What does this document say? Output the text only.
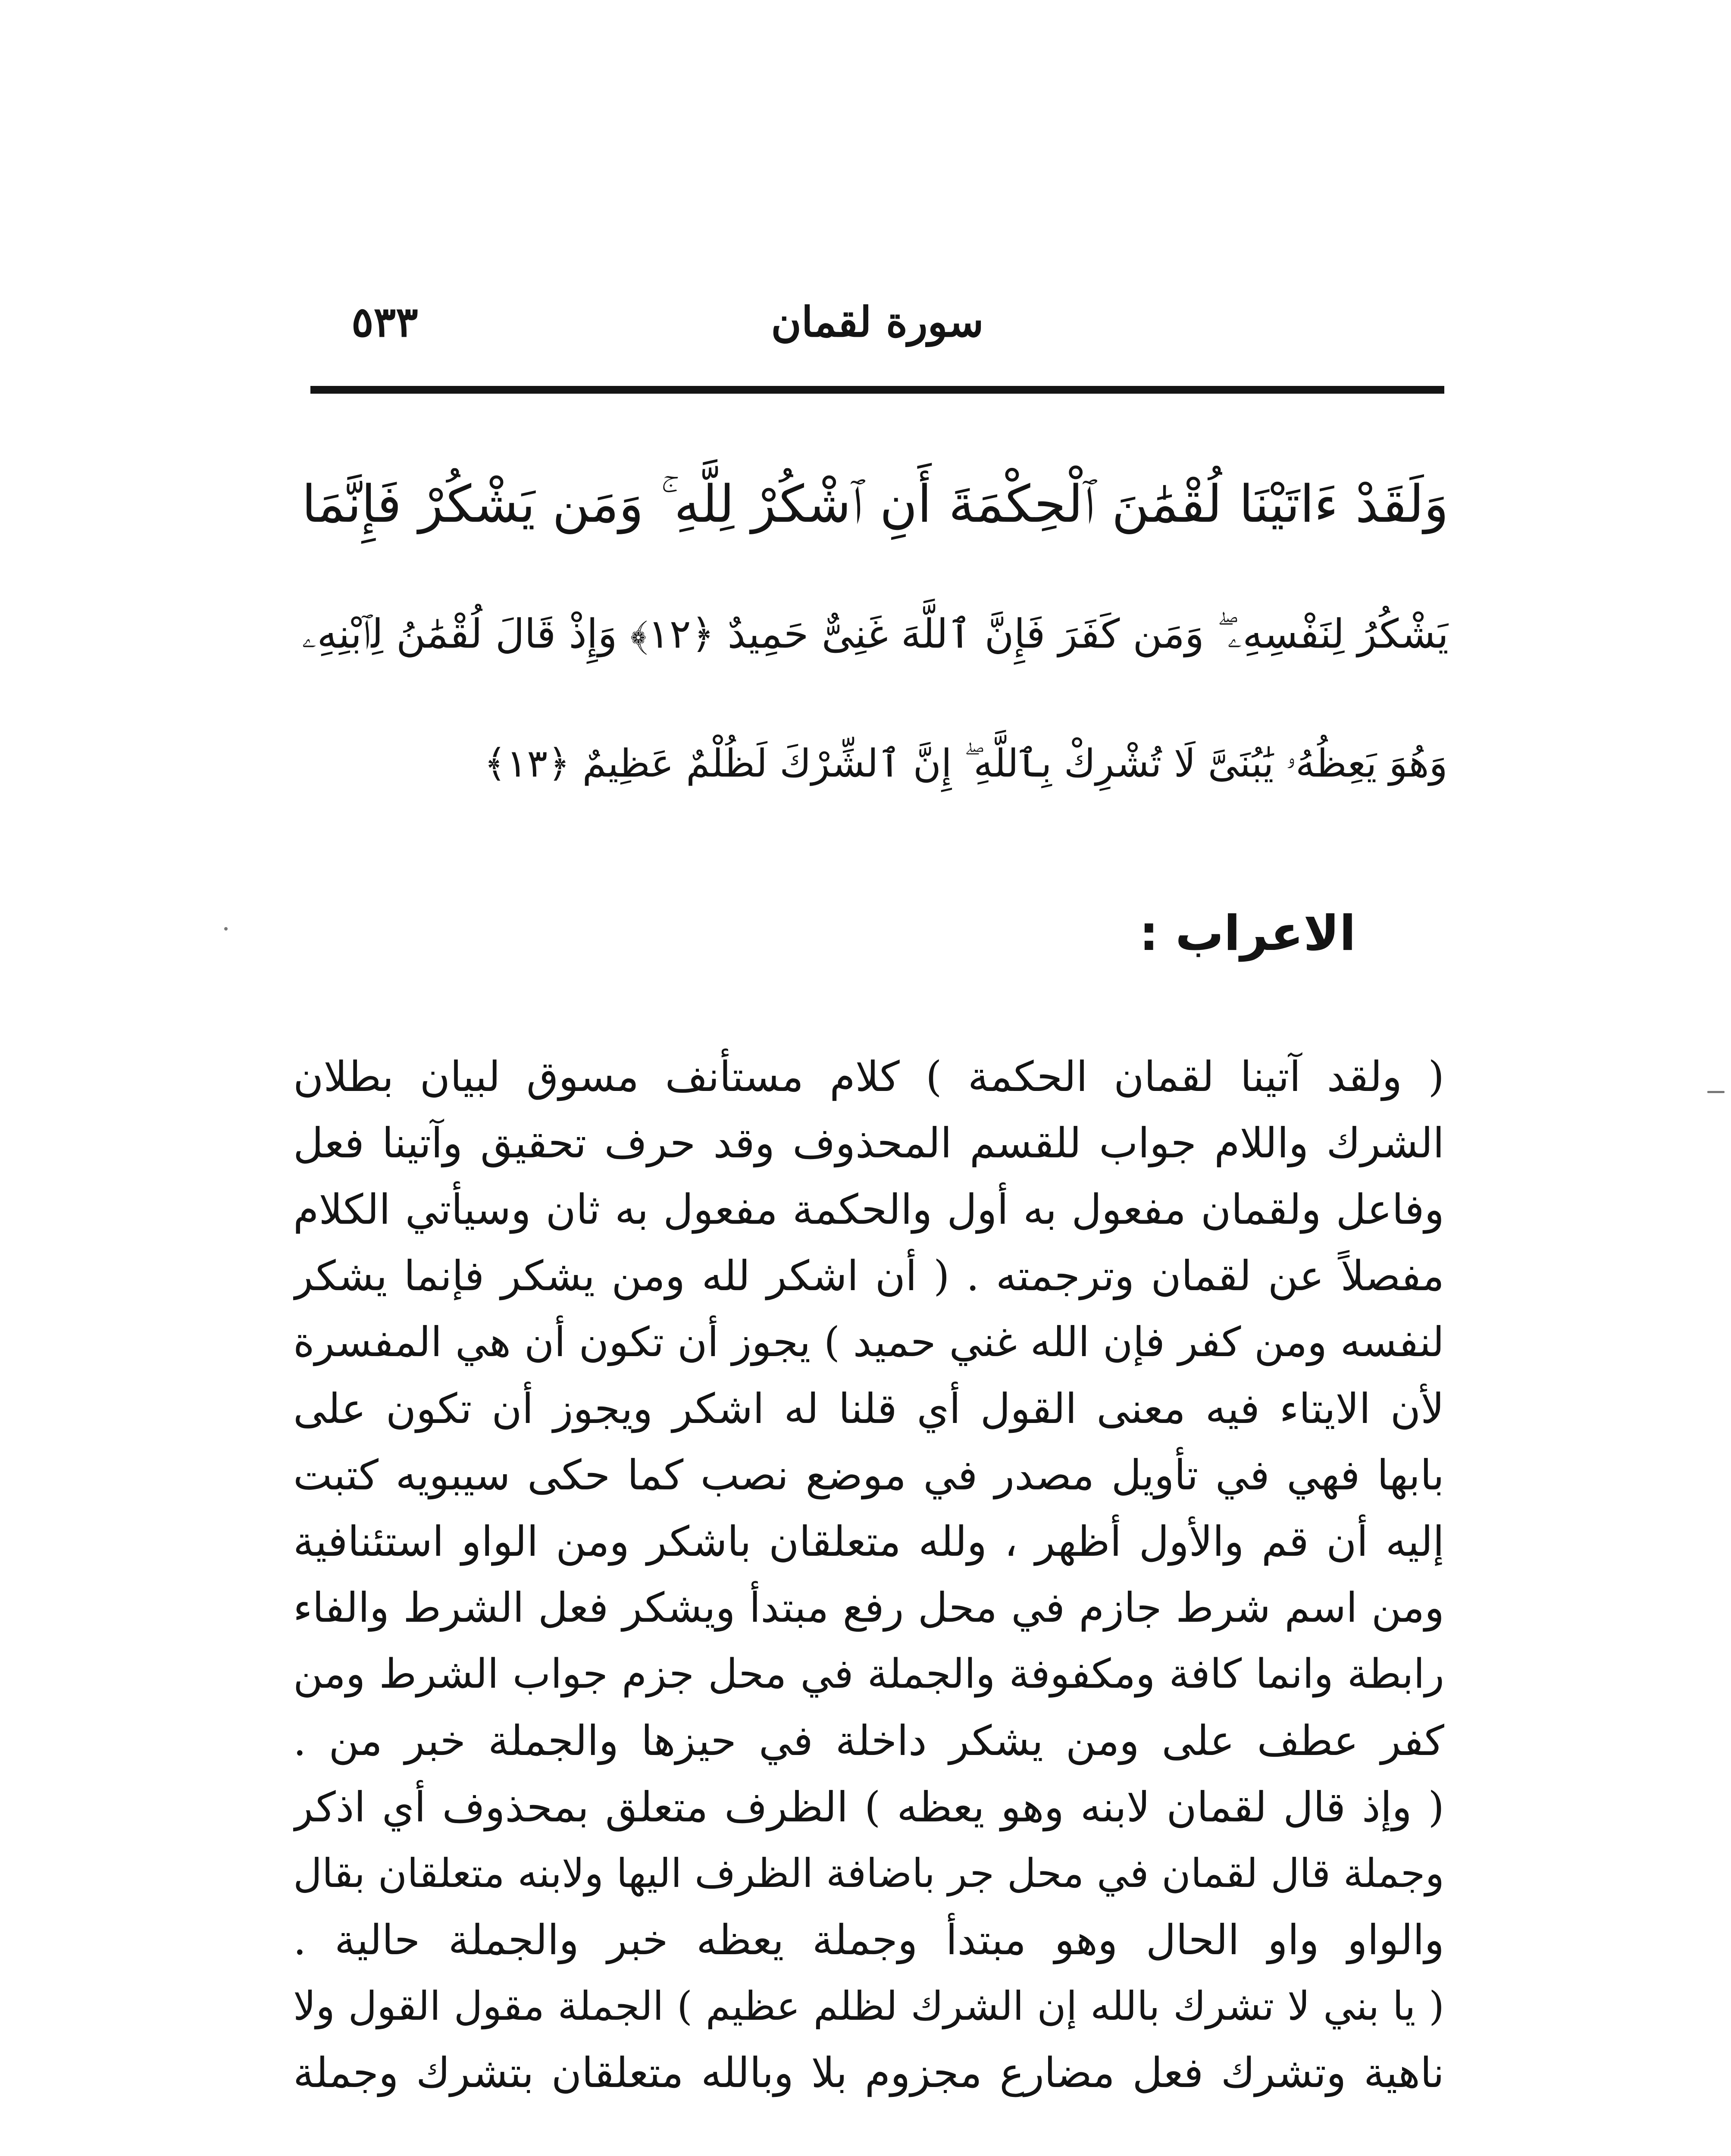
سورة لقمان
٥٣٣
وَلَقَدْ ءَاتَيْنَا لُقْمَٰنَ ٱلْحِكْمَةَ أَنِ ٱشْكُرْ لِلَّهِ ۚ وَمَن يَشْكُرْ فَإِنَّمَا
يَشْكُرُ لِنَفْسِهِۦ ۖ وَمَن كَفَرَ فَإِنَّ ٱللَّهَ غَنِىٌّ حَمِيدٌ ﴿١٢﴾ وَإِذْ قَالَ لُقْمَٰنُ لِٱبْنِهِۦ
وَهُوَ يَعِظُهُۥ يَٰبُنَىَّ لَا تُشْرِكْ بِٱللَّهِ ۖ إِنَّ ٱلشِّرْكَ لَظُلْمٌ عَظِيمٌ ﴿١٣﴾
الاعراب :
( ولقد آتينا لقمان الحكمة ) كلام مستأنف مسوق لبيان بطلان
الشرك واللام جواب للقسم المحذوف وقد حرف تحقيق وآتينا فعل
وفاعل ولقمان مفعول به أول والحكمة مفعول به ثان وسيأتي الكلام
مفصلاً عن لقمان وترجمته . ( أن اشكر لله ومن يشكر فإنما يشكر
لنفسه ومن كفر فإن الله غني حميد ) يجوز أن تكون أن هي المفسرة
لأن الايتاء فيه معنى القول أي قلنا له اشكر ويجوز أن تكون على
بابها فهي في تأويل مصدر في موضع نصب كما حكى سيبويه كتبت
إليه أن قم والأول أظهر ، ولله متعلقان باشكر ومن الواو استئنافية
ومن اسم شرط جازم في محل رفع مبتدأ ويشكر فعل الشرط والفاء
رابطة وانما كافة ومكفوفة والجملة في محل جزم جواب الشرط ومن
كفر عطف على ومن يشكر داخلة في حيزها والجملة خبر من .
( وإذ قال لقمان لابنه وهو يعظه ) الظرف متعلق بمحذوف أي اذكر
وجملة قال لقمان في محل جر باضافة الظرف اليها ولابنه متعلقان بقال
والواو واو الحال وهو مبتدأ وجملة يعظه خبر والجملة حالية .
( يا بني لا تشرك بالله إن الشرك لظلم عظيم ) الجملة مقول القول ولا
ناهية وتشرك فعل مضارع مجزوم بلا وبالله متعلقان بتشرك وجملة
